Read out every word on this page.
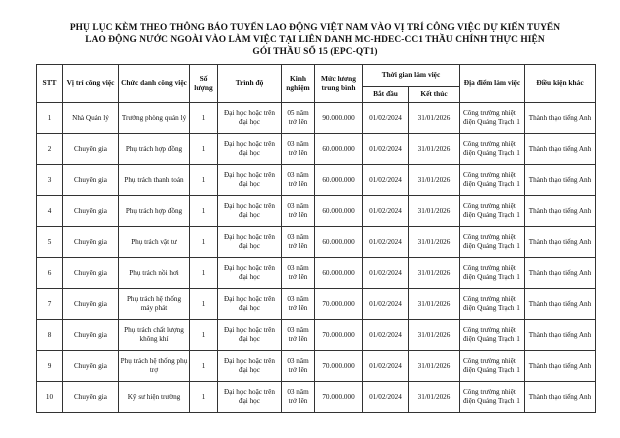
PHỤ LỤC KÈM THEO THÔNG BÁO TUYỂN LAO ĐỘNG VIỆT NAM VÀO VỊ TRÍ CÔNG VIỆC DỰ KIẾN TUYỂN
LAO ĐỘNG NƯỚC NGOÀI VÀO LÀM VIỆC TẠI LIÊN DANH MC-HDEC-CC1 THẦU CHÍNH THỰC HIỆN
GÓI THẦU SỐ 15 (EPC-QT1)
STT	Vị trí công việc	Chức danh công việc	Số lượng	Trình độ	Kinh nghiệm	Mức lương trung bình	Thời gian làm việc		Địa điểm làm việc	Điều kiện khác
							Bắt đầu	Kết thúc		
1	Nhà Quản lý	Trưởng phòng quản lý	1	Đại học hoặc trên đại học	05 năm trở lên	90.000.000	01/02/2024	31/01/2026	Công trường nhiệt điện Quảng Trạch 1	Thành thạo tiếng Anh
2	Chuyên gia	Phụ trách hợp đồng	1	Đại học hoặc trên đại học	03 năm trở lên	60.000.000	01/02/2024	31/01/2026	Công trường nhiệt điện Quảng Trạch 1	Thành thạo tiếng Anh
3	Chuyên gia	Phụ trách thanh toán	1	Đại học hoặc trên đại học	03 năm trở lên	60.000.000	01/02/2024	31/01/2026	Công trường nhiệt điện Quảng Trạch 1	Thành thạo tiếng Anh
4	Chuyên gia	Phụ trách hợp đồng	1	Đại học hoặc trên đại học	03 năm trở lên	60.000.000	01/02/2024	31/01/2026	Công trường nhiệt điện Quảng Trạch 1	Thành thạo tiếng Anh
5	Chuyên gia	Phụ trách vật tư	1	Đại học hoặc trên đại học	03 năm trở lên	60.000.000	01/02/2024	31/01/2026	Công trường nhiệt điện Quảng Trạch 1	Thành thạo tiếng Anh
6	Chuyên gia	Phụ trách nồi hơi	1	Đại học hoặc trên đại học	03 năm trở lên	60.000.000	01/02/2024	31/01/2026	Công trường nhiệt điện Quảng Trạch 1	Thành thạo tiếng Anh
7	Chuyên gia	Phụ trách hệ thống máy phát	1	Đại học hoặc trên đại học	03 năm trở lên	70.000.000	01/02/2024	31/01/2026	Công trường nhiệt điện Quảng Trạch 1	Thành thạo tiếng Anh
8	Chuyên gia	Phụ trách chất lượng không khí	1	Đại học hoặc trên đại học	03 năm trở lên	70.000.000	01/02/2024	31/01/2026	Công trường nhiệt điện Quảng Trạch 1	Thành thạo tiếng Anh
9	Chuyên gia	Phụ trách hệ thống phụ trợ	1	Đại học hoặc trên đại học	03 năm trở lên	70.000.000	01/02/2024	31/01/2026	Công trường nhiệt điện Quảng Trạch 1	Thành thạo tiếng Anh
10	Chuyên gia	Kỹ sư hiện trường	1	Đại học hoặc trên đại học	03 năm trở lên	70.000.000	01/02/2024	31/01/2026	Công trường nhiệt điện Quảng Trạch 1	Thành thạo tiếng Anh
